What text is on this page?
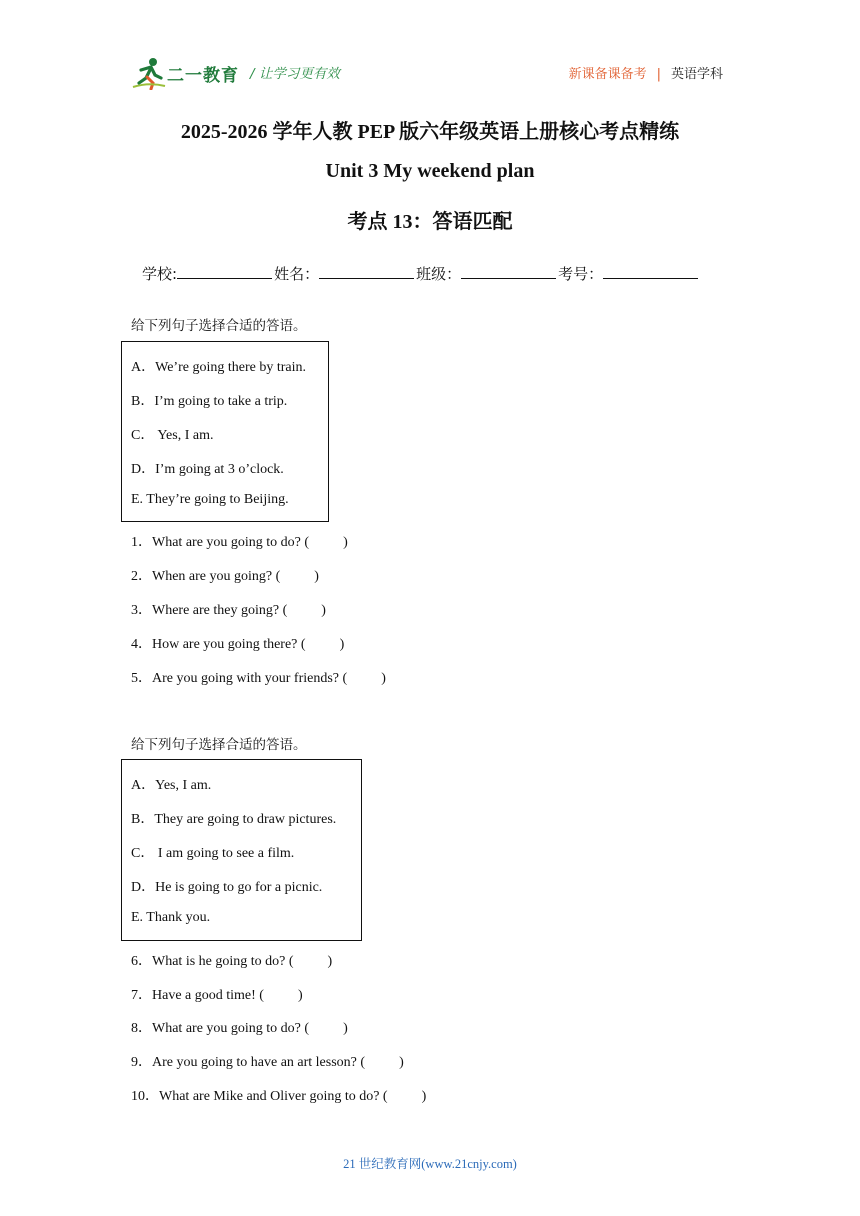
二一教育 / 让学习更有效	新课备课备考 | 英语学科
2025-2026 学年人教 PEP 版六年级英语上册核心考点精练
Unit 3 My weekend plan
考点 13：答语匹配
学校:	姓名：	班级：	考号：
给下列句子选择合适的答语。
A．We’re going there by train.
B．I’m going to take a trip.
C． Yes, I am.
D．I’m going at 3 o’clock.
E. They’re going to Beijing.
1．What are you going to do? ( )
2．When are you going? ( )
3．Where are they going? ( )
4．How are you going there? ( )
5．Are you going with your friends? ( )
给下列句子选择合适的答语。
A．Yes, I am.
B．They are going to draw pictures.
C． I am going to see a film.
D．He is going to go for a picnic.
E. Thank you.
6．What is he going to do? ( )
7．Have a good time! ( )
8．What are you going to do? ( )
9．Are you going to have an art lesson? ( )
10．What are Mike and Oliver going to do? ( )
21 世纪教育网(www.21cnjy.com)
